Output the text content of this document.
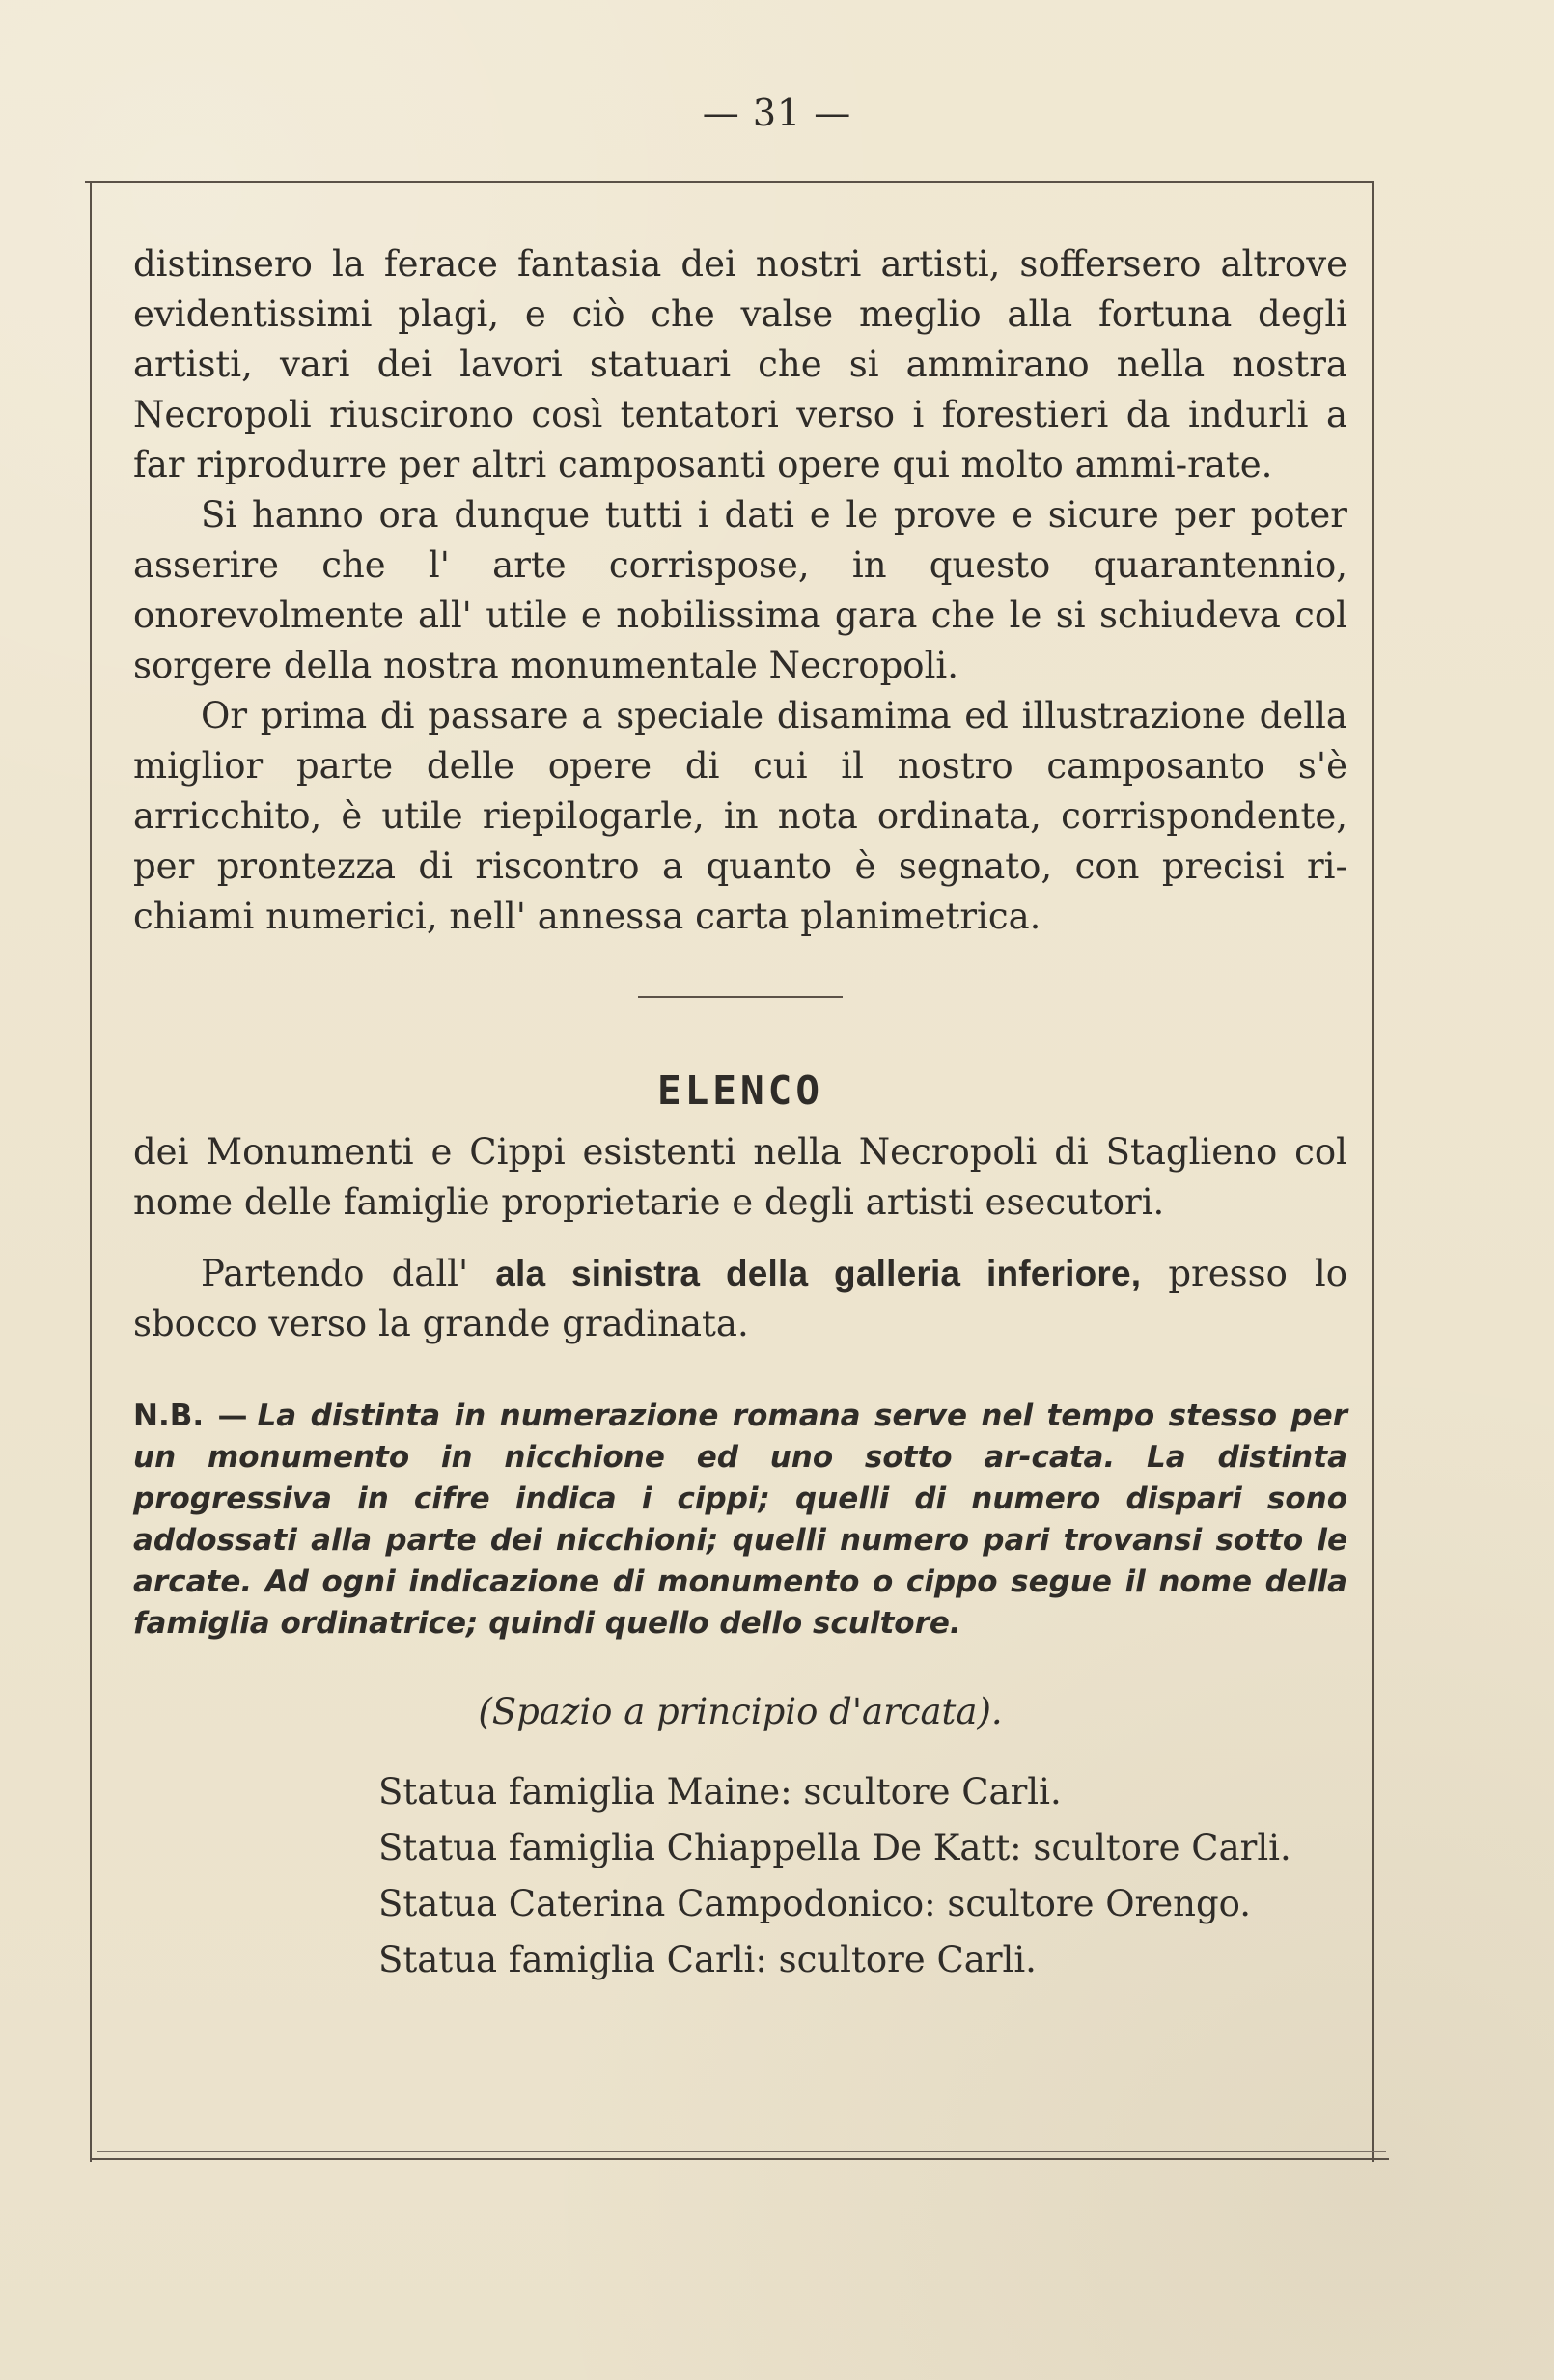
— 31 —

distinsero la ferace fantasia dei nostri artisti, soffersero altrove evidentissimi plagi, e ciò che valse meglio alla fortuna degli artisti, vari dei lavori statuari che si ammirano nella nostra Necropoli riuscirono così tentatori verso i forestieri da indurli a far riprodurre per altri camposanti opere qui molto ammi-rate.

Si hanno ora dunque tutti i dati e le prove e sicure per poter asserire che l' arte corrispose, in questo quarantennio, onorevolmente all' utile e nobilissima gara che le si schiudeva col sorgere della nostra monumentale Necropoli.

Or prima di passare a speciale disamima ed illustrazione della miglior parte delle opere di cui il nostro camposanto s'è arricchito, è utile riepilogarle, in nota ordinata, corrispondente, per prontezza di riscontro a quanto è segnato, con precisi ri-chiami numerici, nell' annessa carta planimetrica.

ELENCO

dei Monumenti e Cippi esistenti nella Necropoli di Staglieno col nome delle famiglie proprietarie e degli artisti esecutori.

Partendo dall' ala sinistra della galleria inferiore, presso lo sbocco verso la grande gradinata.

N.B. — La distinta in numerazione romana serve nel tempo stesso per un monumento in nicchione ed uno sotto ar-cata. La distinta progressiva in cifre indica i cippi; quelli di numero dispari sono addossati alla parte dei nicchioni; quelli numero pari trovansi sotto le arcate. Ad ogni indicazione di monumento o cippo segue il nome della famiglia ordinatrice; quindi quello dello scultore.
(Spazio a principio d'arcata).

Statua famiglia Maine: scultore Carli.

Statua famiglia Chiappella De Katt: scultore Carli.

Statua Caterina Campodonico: scultore Orengo.

Statua famiglia Carli: scultore Carli.
